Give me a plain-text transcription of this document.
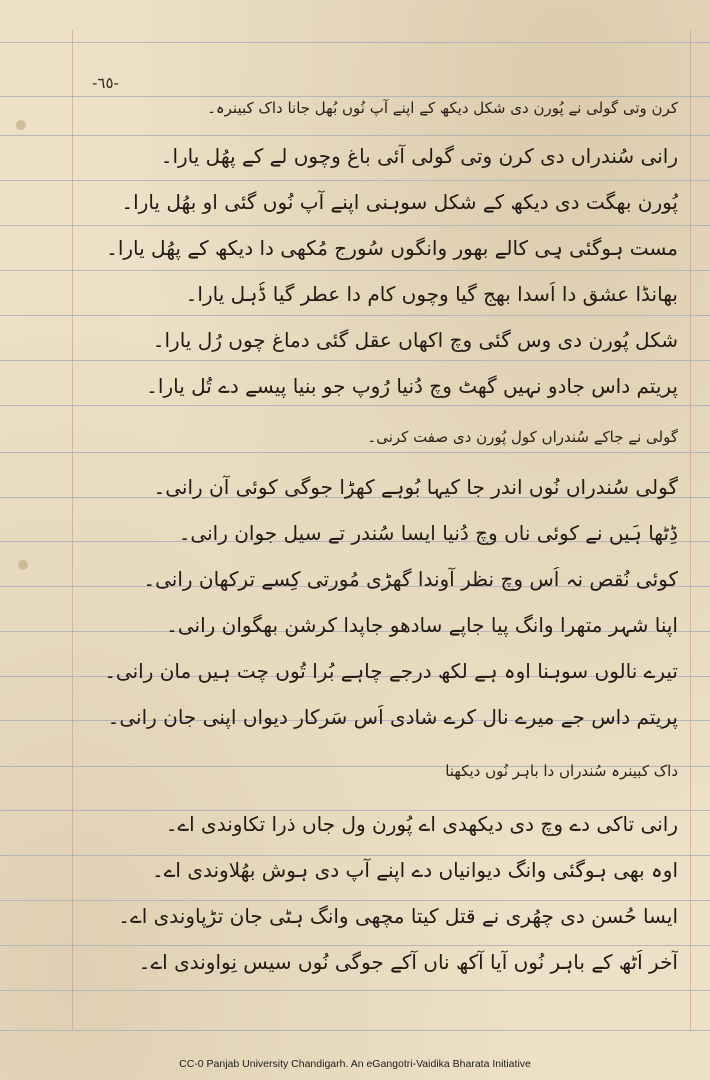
-٦٥-
کرن وتی گولی نے پُورن دی شکل دیکھ کے اپنے آپ نُوں بُھل جانا داک کبینرہ۔
رانی سُندراں دی کرن وتی گولی آئی باغ وِچوں لے کے پھُل یارا۔
پُورن بھگت دی دیکھ کے شکل سوہنی اپنے آپ نُوں گئی او بھُل یارا۔
مست ہوگئی ہِی کالے بھور وانگوں سُورج مُکھی دا دیکھ کے پھُل یارا۔
بھانڈا عشق دا اُسدا بھج گیا وِچوں کام دا عطر گیا ڈُہل یارا۔
شکل پُورن دی وس گئی وِچ اکھاں عقل گئی دماغ چوں رُل یارا۔
پریتم داس جادو نہیں گھٹ وِچ دُنیا رُوپ جو بنیا پیسے دے تُل یارا۔
گولی نے جاکے سُندراں کول پُورن دی صفت کرنی۔
گولی سُندراں نُوں اندر جا کیہا بُوہے کھڑا جوگی کوئی آن رانی۔
ڈِٹھا ہَیں نے کوئی ناں وِچ دُنیا ایسا سُندر تے سیل جوان رانی۔
کوئی نُقص نہ اُس وِچ نظر آوندا گھڑی مُورتی کِسے ترکھان رانی۔
اپنا شہر متھرا وانگ پیا جاپے سادھو جاپدا کرشن بھگوان رانی۔
تیرے نالوں سوہنا اوہ ہے لکھ درجے چاہے بُرا تُوں چِت ہیں مان رانی۔
پریتم داس جے میرے نال کرے شادی اُس سَرکار دیواں اپنی جان رانی۔
داک کبینرہ سُندراں دا باہر نُوں دیکھنا
رانی تاکی دے وِچ دی دیکھدی اے پُورن ول جاں ذرا تکاوندی اے۔
اوہ بھی ہوگئی وانگ دیوانیاں دے اپنے آپ دی ہوش بھُلاوندی اے۔
ایسا حُسن دی چھُری نے قتل کیتا مچھی وانگ ہٹی جان تڑپاوندی اے۔
آخر اُٹھ کے باہر نُوں آیا آکھ ناں آکے جوگی نُوں سیس نِواوندی اے۔
CC-0 Panjab University Chandigarh. An eGangotri-Vaidika Bharata Initiative
